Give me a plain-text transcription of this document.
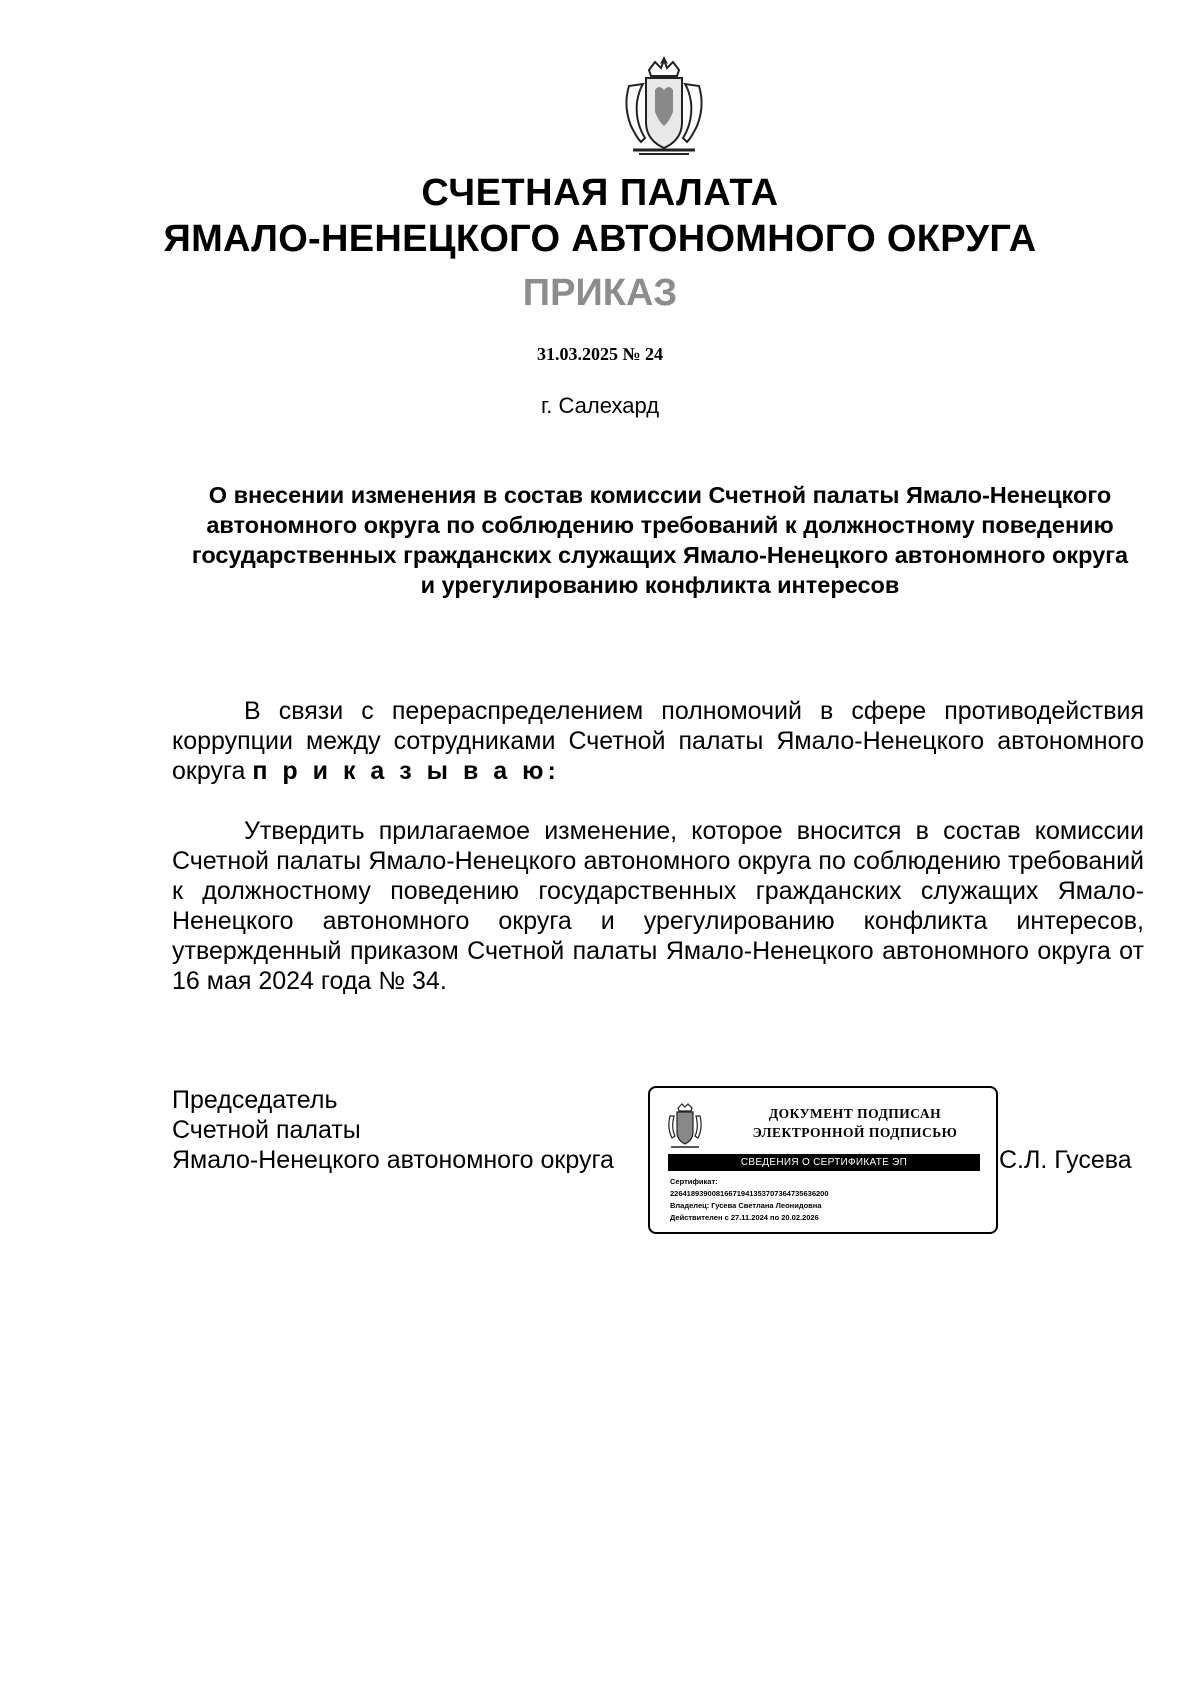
СЧЕТНАЯ ПАЛАТА
ЯМАЛО-НЕНЕЦКОГО АВТОНОМНОГО ОКРУГА
ПРИКАЗ
31.03.2025 № 24
г. Салехард
О внесении изменения в состав комиссии Счетной палаты Ямало-Ненецкого автономного округа по соблюдению требований к должностному поведению государственных гражданских служащих Ямало-Ненецкого автономного округа и урегулированию конфликта интересов
В связи с перераспределением полномочий в сфере противодействия коррупции между сотрудниками Счетной палаты Ямало-Ненецкого автономного округа п р и к а з ы в а ю:
Утвердить прилагаемое изменение, которое вносится в состав комиссии Счетной палаты Ямало-Ненецкого автономного округа по соблюдению требований к должностному поведению государственных гражданских служащих Ямало-Ненецкого автономного округа и урегулированию конфликта интересов, утвержденный приказом Счетной палаты Ямало-Ненецкого автономного округа от 16 мая 2024 года № 34.
Председатель
Счетной палаты
Ямало-Ненецкого автономного округа
ДОКУМЕНТ ПОДПИСАН
ЭЛЕКТРОННОЙ ПОДПИСЬЮ
СВЕДЕНИЯ О СЕРТИФИКАТЕ ЭП
Сертификат:
22641893900816671941353707364735636200
Владелец: Гусева Светлана Леонидовна
Действителен с 27.11.2024 по 20.02.2026
С.Л. Гусева
